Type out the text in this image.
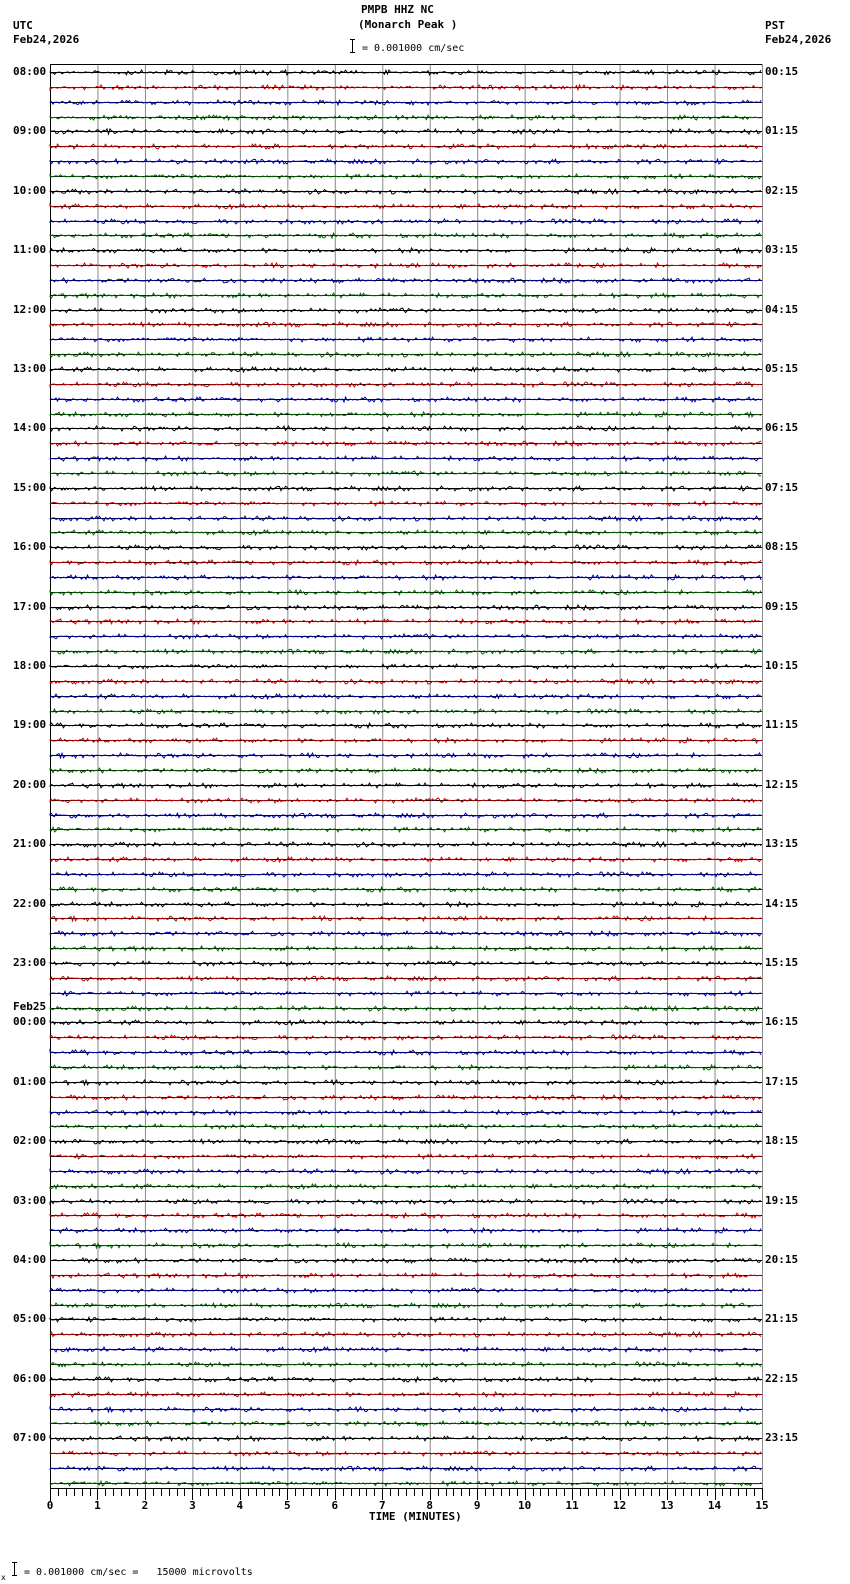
PMPB HHZ NC
(Monarch Peak )
UTC
Feb24,2026
PST
Feb24,2026
= 0.001000 cm/sec
08:00
09:00
10:00
11:00
12:00
13:00
14:00
15:00
16:00
17:00
18:00
19:00
20:00
21:00
22:00
23:00
00:00
Feb25
01:00
02:00
03:00
04:00
05:00
06:00
07:00
00:15
01:15
02:15
03:15
04:15
05:15
06:15
07:15
08:15
09:15
10:15
11:15
12:15
13:15
14:15
15:15
16:15
17:15
18:15
19:15
20:15
21:15
22:15
23:15
0	1	2	3	4	5	6	7	8	9	10	11	12	13	14	15
TIME (MINUTES)
x = 0.001000 cm/sec =   15000 microvolts
